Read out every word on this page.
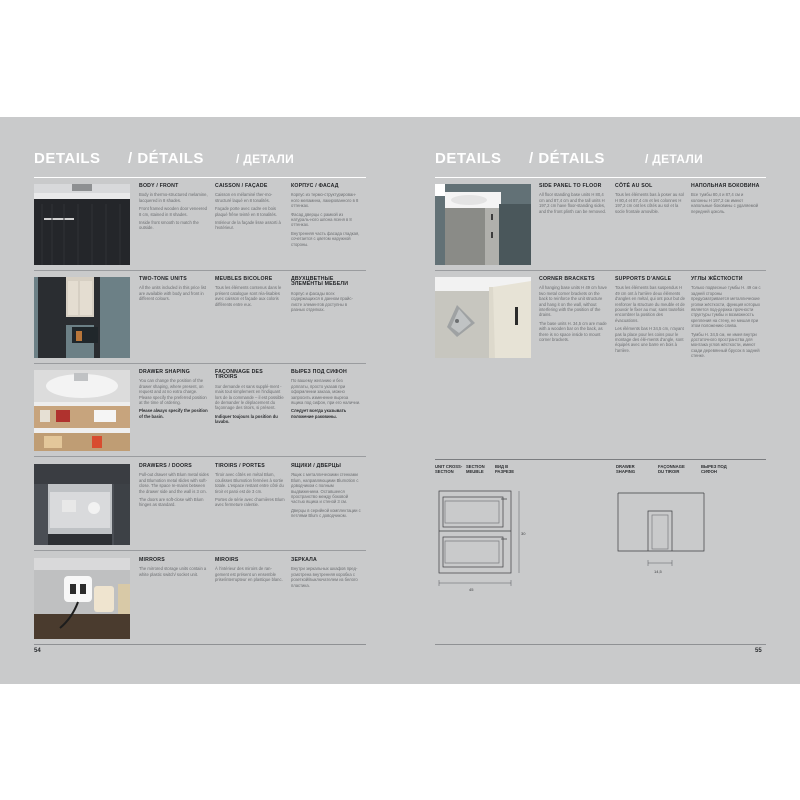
DETAILS / DÉTAILS	/ ДЕТАЛИ
BODY / FRONT

Body in thermo-structured melamine, lacquered in 8 shades.

Front framed wooden door veneered 8 cm, stained in 8 shades.

Inside front smooth to match the outside.

CAISSON / FAÇADE

Caisson en mélaminé ther-mo-structuré laqué en 8 tonalités.

Façade porte avec cadre en bois plaqué frêne teinté en 8 tonalités.

Intérieur de la façade lisse assorti à l'extérieur.

КОРПУС / ФАСАД

Корпус из термо-структурирован-ного меламина, лакированного в 8 оттенках.

Фасад дверцы с рамкой из натураль-ного шпона ясеня в 8 оттенках.

Внутренняя часть фасада гладкая, сочетается с цветом наружной стороны.

TWO-TONE UNITS

All the units included in this price list are available with body and front in different colours.

MEUBLES BICOLORE

Tous les éléments contenus dans le présent catalogue sont réa-lisables avec caisson et façade aux coloris différents entre eux.

ДВУХЦВЕТНЫЕ ЭЛЕМЕНТЫ МЕБЕЛИ

Корпус и фасады всех содержащихся в данном прайс-листе элементов доступны в разных отделках.

DRAWER SHAPING

You can change the position of the drawer shaping, where present, on request and at no extra charge. Please specify the preferred position at the time of ordering.

Please always specify the position of the basin.

FAÇONNAGE DES TIROIRS

Sur demande et sans supplé-ment - mais tout simplement en l'indiquant lors de la commande – il est possible de demander le déplacement du façonnage des tiroirs, si présent.

Indiquer toujours la position du lavabo.

ВЫРЕЗ ПОД СИФОН

По вашему желанию и без доплаты, просто указав при оформлении заказа, можно запросить изменение выреза ящика под сифон, при его наличии.

Следует всегда указывать положение раковины.

DRAWERS / DOORS

Pull-out drawer with Blum metal sides and Blumotion metal slides with soft-close. The space re-mains between the drawer side and the wall is 3 cm.

The doors are soft-close with Blum hinges as standard.

TIROIRS / PORTES

Tiroir avec côtés en métal Blum, coulisses Blumotion fermées à sortie totale. L'espace restant entre côté du tiroir et paroi est de 3 cm.

Portes de série avec charnières Blum avec fermeture ralentie.

ЯЩИКИ / ДВЕРЦЫ

Ящик с металлическими стенками Blum, направляющими Blumotion с доводчиком с полным выдвижением. Оставшееся пространство между боковой частью ящика и стеной 3 см.

Дверцы в серийной комплектации с петлями Blum с доводчиком.

MIRRORS

The mirrored storage units contain a white plastic switch/ socket unit.

MIROIRS

À l'intérieur des miroirs de ran-gement est présent un ensemble prise/interrupteur en plastique blanc.

ЗЕРКАЛА

Внутри зеркальных шкафов пред-усмотрена внутренняя коробка с розеткой/выключателем из белого пластика.

54
DETAILS / DÉTAILS	/ ДЕТАЛИ
SIDE PANEL TO FLOOR

All floor standing base units H 80,4 cm and 87,4 cm and the tall units H 197,2 cm have floor-standing sides, and the front plinth can be removed.

CÔTÉ AU SOL

Tous les éléments bas à poser au sol H 80,4 et 87,4 cm et les colonnes H 197,2 cm ont les côtés au sol et la socle frontale amovible.

НАПОЛЬНАЯ БОКОВИНА

Все тумбы 80,4 и 87,4 см и колонны Н 197,2 см имеют напольные боковины с удаляемой передней цоколь.

CORNER BRACKETS

All hanging base units H 49 cm have two metal corner brackets on the back to reinforce the unit structure and hang it on the wall, without interfering with the position of the drains.

The base units H. 34,5 cm are made with a wooden bar on the back, as there is no space inside to mount corner brackets.

SUPPORTS D'ANGLE

Tous les éléments bas suspendus H 49 cm ont à l'arrière deux éléments d'angles en métal, qui ont pour but de renforcer la structure du meuble et de pouvoir le fixer au mur, sans toutefois encombrer la position des évacuations.

Les éléments bas H 34,5 cm, n'ayant pas la place pour les coins pour le montage des élé-ments d'angle, sont équipés avec une barre en bois à l'arrière.

УГЛЫ ЖЁСТКОСТИ

Только подвесные тумбы Н. 49 см с задней стороны предусматривается металлические уголки жёсткости, функция которых является под-держка прочности структуры тумбы и возможность крепления на стену, не мешая при этом положению слива.

Тумбы Н. 34,5 см, не имея внутри достаточного пространства для монтажа углов жёсткости, имеют сзади деревянный брусок в задней стенке.

UNIT CROSS-SECTION
SECTION MEUBLE
ВИД В РАЗРЕЗЕ
DRAWER SHAPING
FAÇONNAGE DU TIROIR
ВЫРЕЗ ПОД СИФОН
45
30
14,5
55
